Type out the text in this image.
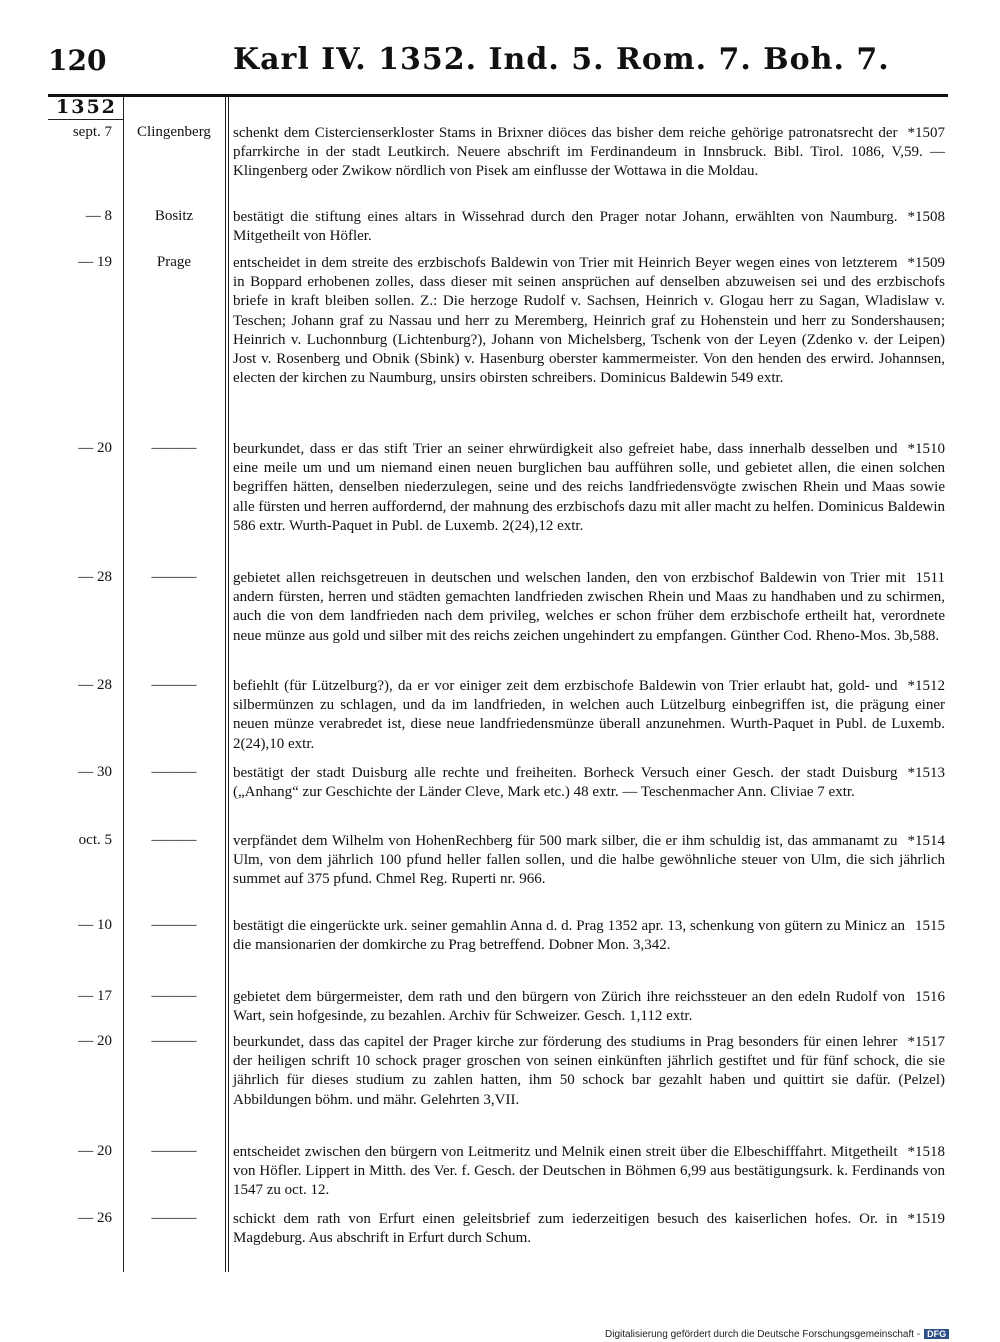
120	Karl IV. 1352. Ind. 5. Rom. 7. Boh. 7.
1352
sept. 7	Clingenberg	*1507
schenkt dem Cistercienserkloster Stams in Brixner diöces das bisher dem reiche gehörige patronatsrecht der pfarrkirche in der stadt Leutkirch. Neuere abschrift im Ferdinandeum in Innsbruck. Bibl. Tirol. 1086, V,59. — Klingenberg oder Zwikow nördlich von Pisek am einflusse der Wottawa in die Moldau.
— 8	Bositz	*1508
bestätigt die stiftung eines altars in Wissehrad durch den Prager notar Johann, erwählten von Naumburg. Mitgetheilt von Höfler.
— 19	Prage	*1509
entscheidet in dem streite des erzbischofs Baldewin von Trier mit Heinrich Beyer wegen eines von letzterem in Boppard erhobenen zolles, dass dieser mit seinen ansprüchen auf denselben abzuweisen sei und des erzbischofs briefe in kraft bleiben sollen. Z.: Die herzoge Rudolf v. Sachsen, Heinrich v. Glogau herr zu Sagan, Wladislaw v. Teschen; Johann graf zu Nassau und herr zu Meremberg, Heinrich graf zu Hohenstein und herr zu Sondershausen; Heinrich v. Luchonnburg (Lichtenburg?), Johann von Michelsberg, Tschenk von der Leyen (Zdenko v. der Leipen) Jost v. Rosenberg und Obnik (Sbink) v. Hasenburg oberster kammermeister. Von den henden des erwird. Johannsen, electen der kirchen zu Naumburg, unsirs obirsten schreibers. Dominicus Baldewin 549 extr.
— 20	———	*1510
beurkundet, dass er das stift Trier an seiner ehrwürdigkeit also gefreiet habe, dass innerhalb desselben und eine meile um und um niemand einen neuen burglichen bau aufführen solle, und gebietet allen, die einen solchen begriffen hätten, denselben niederzulegen, seine und des reichs landfriedensvögte zwischen Rhein und Maas sowie alle fürsten und herren auffordernd, der mahnung des erzbischofs dazu mit aller macht zu helfen. Dominicus Baldewin 586 extr. Wurth-Paquet in Publ. de Luxemb. 2(24),12 extr.
— 28	———	1511
gebietet allen reichsgetreuen in deutschen und welschen landen, den von erzbischof Baldewin von Trier mit andern fürsten, herren und städten gemachten landfrieden zwischen Rhein und Maas zu handhaben und zu schirmen, auch die von dem landfrieden nach dem privileg, welches er schon früher dem erzbischofe ertheilt hat, verordnete neue münze aus gold und silber mit des reichs zeichen ungehindert zu empfangen. Günther Cod. Rheno-Mos. 3b,588.
— 28	———	*1512
befiehlt (für Lützelburg?), da er vor einiger zeit dem erzbischofe Baldewin von Trier erlaubt hat, gold- und silbermünzen zu schlagen, und da im landfrieden, in welchen auch Lützelburg einbegriffen ist, die prägung einer neuen münze verabredet ist, diese neue landfriedensmünze überall anzunehmen. Wurth-Paquet in Publ. de Luxemb. 2(24),10 extr.
— 30	———	*1513
bestätigt der stadt Duisburg alle rechte und freiheiten. Borheck Versuch einer Gesch. der stadt Duisburg („Anhang“ zur Geschichte der Länder Cleve, Mark etc.) 48 extr. — Teschenmacher Ann. Cliviae 7 extr.
oct. 5	———	*1514
verpfändet dem Wilhelm von HohenRechberg für 500 mark silber, die er ihm schuldig ist, das ammanamt zu Ulm, von dem jährlich 100 pfund heller fallen sollen, und die halbe gewöhnliche steuer von Ulm, die sich jährlich summet auf 375 pfund. Chmel Reg. Ruperti nr. 966.
— 10	———	1515
bestätigt die eingerückte urk. seiner gemahlin Anna d. d. Prag 1352 apr. 13, schenkung von gütern zu Minicz an die mansionarien der domkirche zu Prag betreffend. Dobner Mon. 3,342.
— 17	———	1516
gebietet dem bürgermeister, dem rath und den bürgern von Zürich ihre reichssteuer an den edeln Rudolf von Wart, sein hofgesinde, zu bezahlen. Archiv für Schweizer. Gesch. 1,112 extr.
— 20	———	*1517
beurkundet, dass das capitel der Prager kirche zur förderung des studiums in Prag besonders für einen lehrer der heiligen schrift 10 schock prager groschen von seinen einkünften jährlich gestiftet und für fünf schock, die sie jährlich für dieses studium zu zahlen hatten, ihm 50 schock bar gezahlt haben und quittirt sie dafür. (Pelzel) Abbildungen böhm. und mähr. Gelehrten 3,VII.
— 20	———	*1518
entscheidet zwischen den bürgern von Leitmeritz und Melnik einen streit über die Elbeschifffahrt. Mitgetheilt von Höfler. Lippert in Mitth. des Ver. f. Gesch. der Deutschen in Böhmen 6,99 aus bestätigungsurk. k. Ferdinands von 1547 zu oct. 12.
— 26	———	*1519
schickt dem rath von Erfurt einen geleitsbrief zum iederzeitigen besuch des kaiserlichen hofes. Or. in Magdeburg. Aus abschrift in Erfurt durch Schum.
Digitalisierung gefördert durch die Deutsche Forschungsgemeinschaft - DFG
